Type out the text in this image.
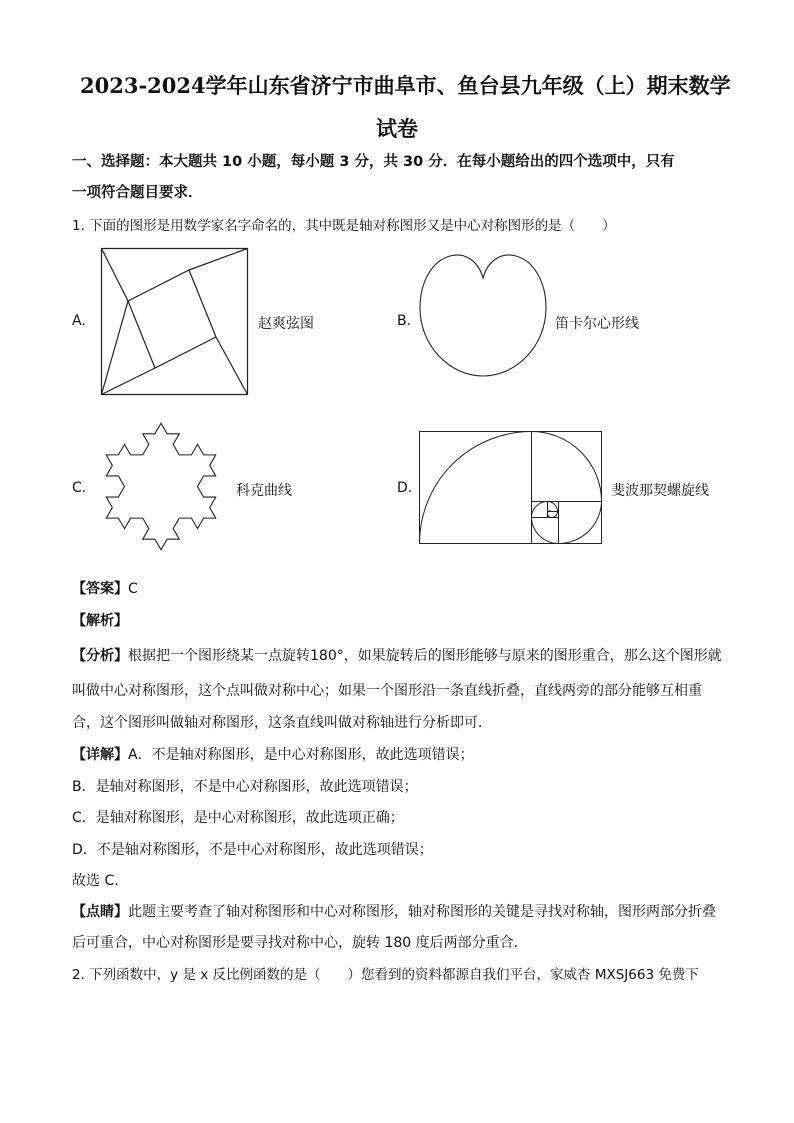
2023-2024学年山东省济宁市曲阜市、鱼台县九年级（上）期末数学
试卷
一、选择题：本大题共 10 小题，每小题 3 分，共 30 分．在每小题给出的四个选项中，只有
一项符合题目要求．
1. 下面的图形是用数学家名字命名的，其中既是轴对称图形又是中心对称图形的是（　　）
A.	赵爽弦图	B.	笛卡尔心形线
C.	科克曲线	D.	斐波那契螺旋线
【答案】C
【解析】
【分析】根据把一个图形绕某一点旋转180°，如果旋转后的图形能够与原来的图形重合，那么这个图形就
叫做中心对称图形，这个点叫做对称中心；如果一个图形沿一条直线折叠，直线两旁的部分能够互相重
合，这个图形叫做轴对称图形，这条直线叫做对称轴进行分析即可．
【详解】A．不是轴对称图形，是中心对称图形，故此选项错误；
B．是轴对称图形，不是中心对称图形，故此选项错误；
C．是轴对称图形，是中心对称图形，故此选项正确；
D．不是轴对称图形，不是中心对称图形，故此选项错误；
故选 C．
【点睛】此题主要考查了轴对称图形和中心对称图形，轴对称图形的关键是寻找对称轴，图形两部分折叠
后可重合，中心对称图形是要寻找对称中心，旋转 180 度后两部分重合．
2. 下列函数中，y 是 x 反比例函数的是（　　）您看到的资料都源自我们平台，家威杏 MXSJ663 免费下
